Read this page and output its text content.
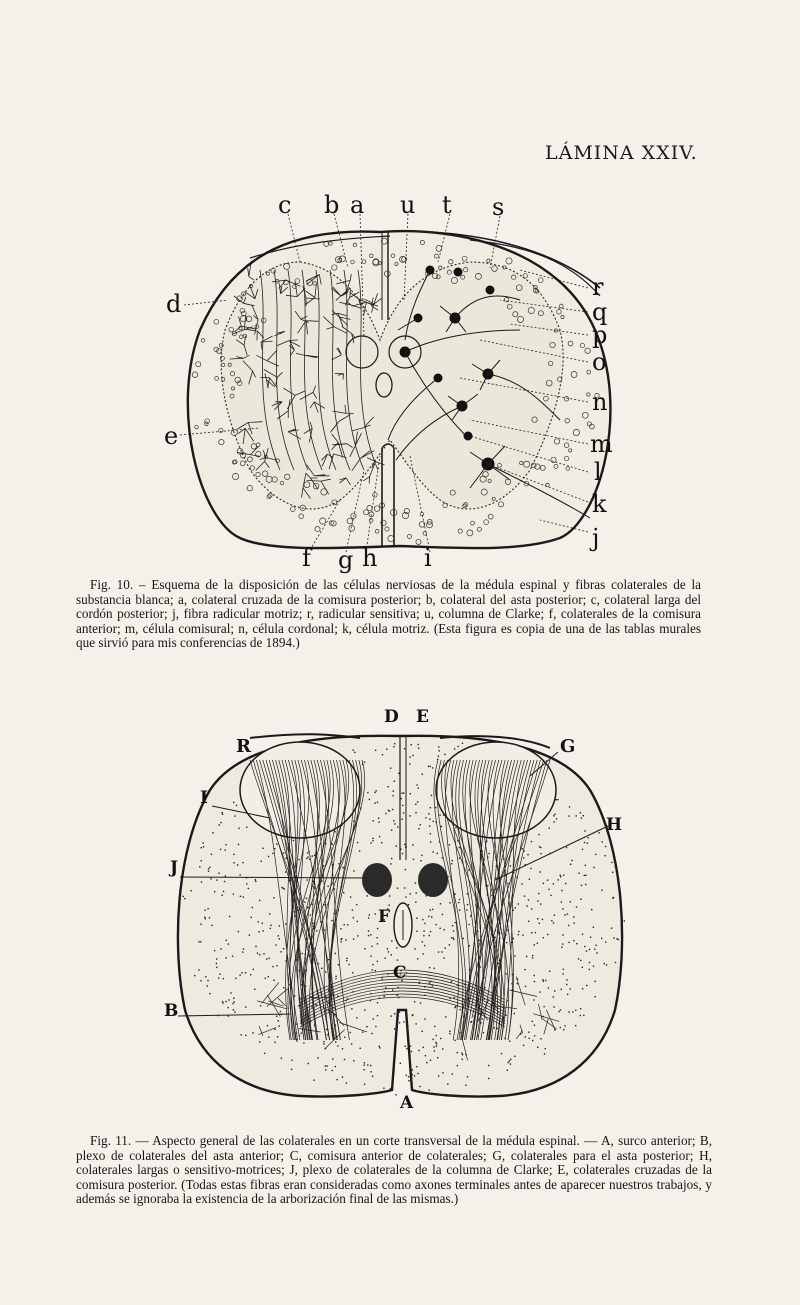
LÁMINA XXIV.
c b a u t s
r
q
p
o
n
m
l
k
j
d
e
f g h i
Fig. 10. – Esquema de la disposición de las células nerviosas de la médula espinal y fibras colaterales de la substancia blanca; a, colateral cruzada de la comisura posterior; b, colateral del asta posterior; c, colateral larga del cordón posterior; j, fibra radicular motriz; r, radicular sensitiva; u, columna de Clarke; f, colaterales de la comisura anterior; m, célula comisural; n, célula cordonal; k, célula motriz. (Esta figura es copia de una de las tablas murales que sirvió para mis conferencias de 1894.)
D E
R	G
I
H
J
F
C
B
A
Fig. 11. — Aspecto general de las colaterales en un corte transversal de la médula espinal. — A, surco anterior; B, plexo de colaterales del asta anterior; C, comisura anterior de colaterales; G, colaterales para el asta posterior; H, colaterales largas o sensitivo-motrices; J, plexo de colaterales de la columna de Clarke; E, colaterales cruzadas de la comisura posterior. (Todas estas fibras eran consideradas como axones terminales antes de aparecer nuestros trabajos, y además se ignoraba la existencia de la arborización final de las mismas.)
